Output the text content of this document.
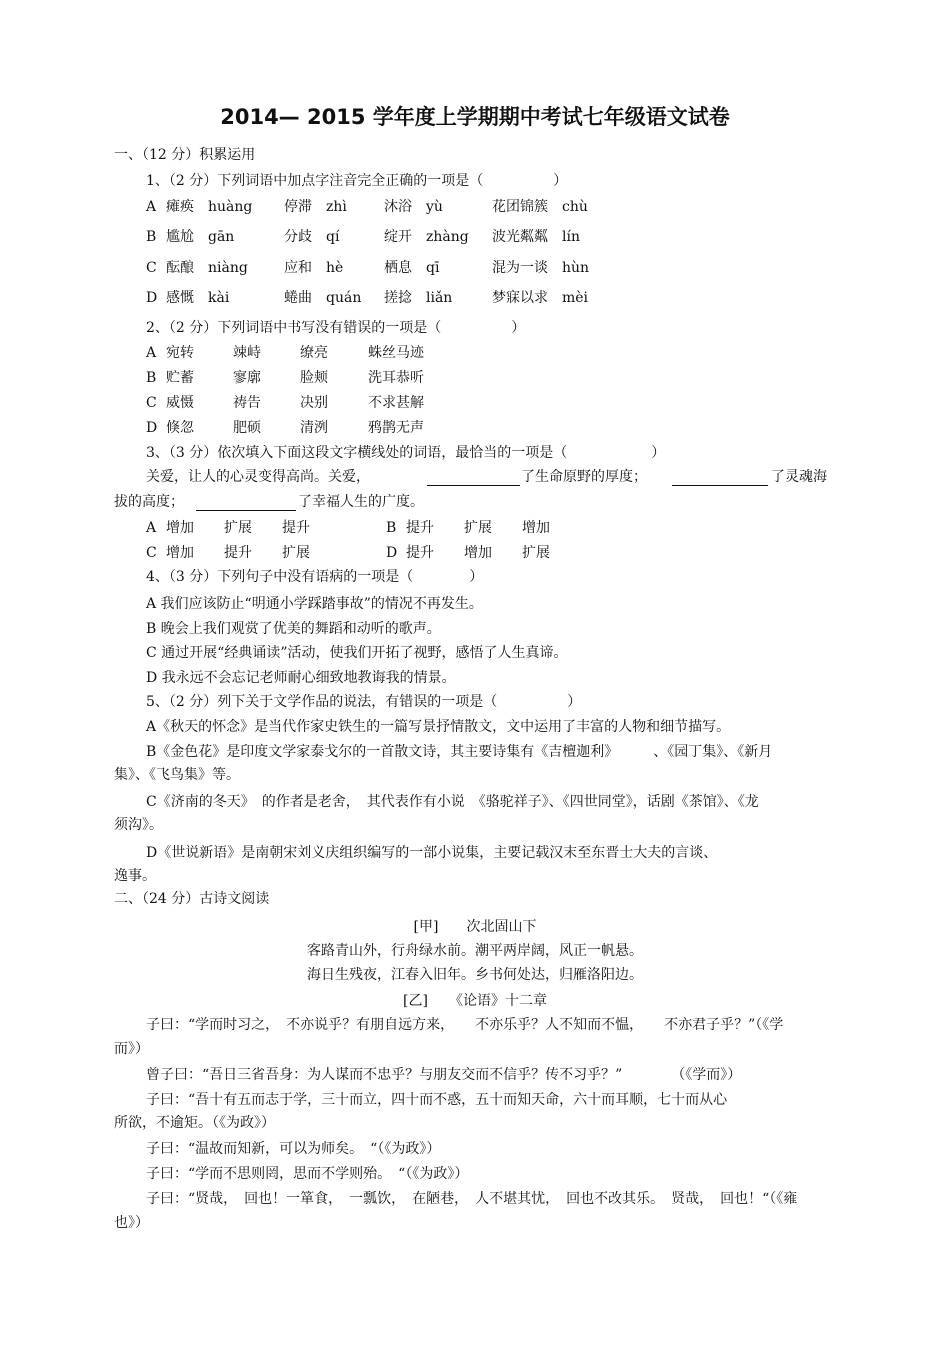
2014— 2015 学年度上学期期中考试七年级语文试卷
一、（12 分）积累运用
1、（2 分）下列词语中加点字注音完全正确的一项是（　　　　　）
A 瘫痪　huàng 停滞　zhì	沐浴　yù	花团锦簇　chù
B 尴尬　gān	分歧　qí	绽开　zhàng 波光粼粼　lín
C 酝酿　niàng	应和　hè	栖息　qī	混为一谈　hùn
D 感慨　kài	蜷曲　quán 搓捻　liǎn	梦寐以求　mèi
2、（2 分）下列词语中书写没有错误的一项是（　　　　　）
A 宛转	竦峙	缭亮	蛛丝马迹
B 贮蓄	寥廓	脸颊	洗耳恭听
C 威慑	祷告	决别	不求甚解
D 倏忽	肥硕	清洌	鸦鹊无声
3、（3 分）依次填入下面这段文字横线处的词语，最恰当的一项是（　　　　　　）
关爱，让人的心灵变得高尚。关爱，	了生命原野的厚度；	了灵魂海
拔的高度；	了幸福人生的广度。
A 增加 扩展 提升	B 提升 扩展 增加
C 增加 提升 扩展	D 提升 增加 扩展
4、（3 分）下列句子中没有语病的一项是（　　　　）
A 我们应该防止“明通小学踩踏事故”的情况不再发生。
B 晚会上我们观赏了优美的舞蹈和动听的歌声。
C 通过开展“经典诵读”活动，使我们开拓了视野，感悟了人生真谛。
D 我永远不会忘记老师耐心细致地教诲我的情景。
5、（2 分）列下关于文学作品的说法，有错误的一项是（　　　　　）
A《秋天的怀念》是当代作家史铁生的一篇写景抒情散文，文中运用了丰富的人物和细节描写。
B《金色花》是印度文学家泰戈尔的一首散文诗，其主要诗集有《吉檀迦利》　　　、《园丁集》、《新月
集》、《飞鸟集》等。
C《济南的冬天》　的作者是老舍，　其代表作有小说　《骆驼祥子》、《四世同堂》，话剧《茶馆》、《龙
须沟》。
D《世说新语》是南朝宋刘义庆组织编写的一部小说集，主要记载汉末至东晋士大夫的言谈、
逸事。
二、（24 分）古诗文阅读
[甲]　　次北固山下
客路青山外，行舟绿水前。潮平两岸阔，风正一帆悬。
海日生残夜，江春入旧年。乡书何处达，归雁洛阳边。
[乙]　　《论语》十二章
子曰：“学而时习之，　不亦说乎？有朋自远方来，　　不亦乐乎？人不知而不愠，　　不亦君子乎？”（《学
而》）
曾子曰：“吾日三省吾身：为人谋而不忠乎？与朋友交而不信乎？传不习乎？”　　　　（《学而》）
子曰：“吾十有五而志于学，三十而立，四十而不惑，五十而知天命，六十而耳顺，七十而从心
所欲，不逾矩。（《为政》）
子曰：“温故而知新，可以为师矣。　“（《为政》）
子曰：“学而不思则罔，思而不学则殆。　“（《为政》）
子曰：“贤哉，　回也！一箪食，　一瓢饮，　在陋巷，　人不堪其忧，　回也不改其乐。　贤哉，　回也！“（《雍
也》）
